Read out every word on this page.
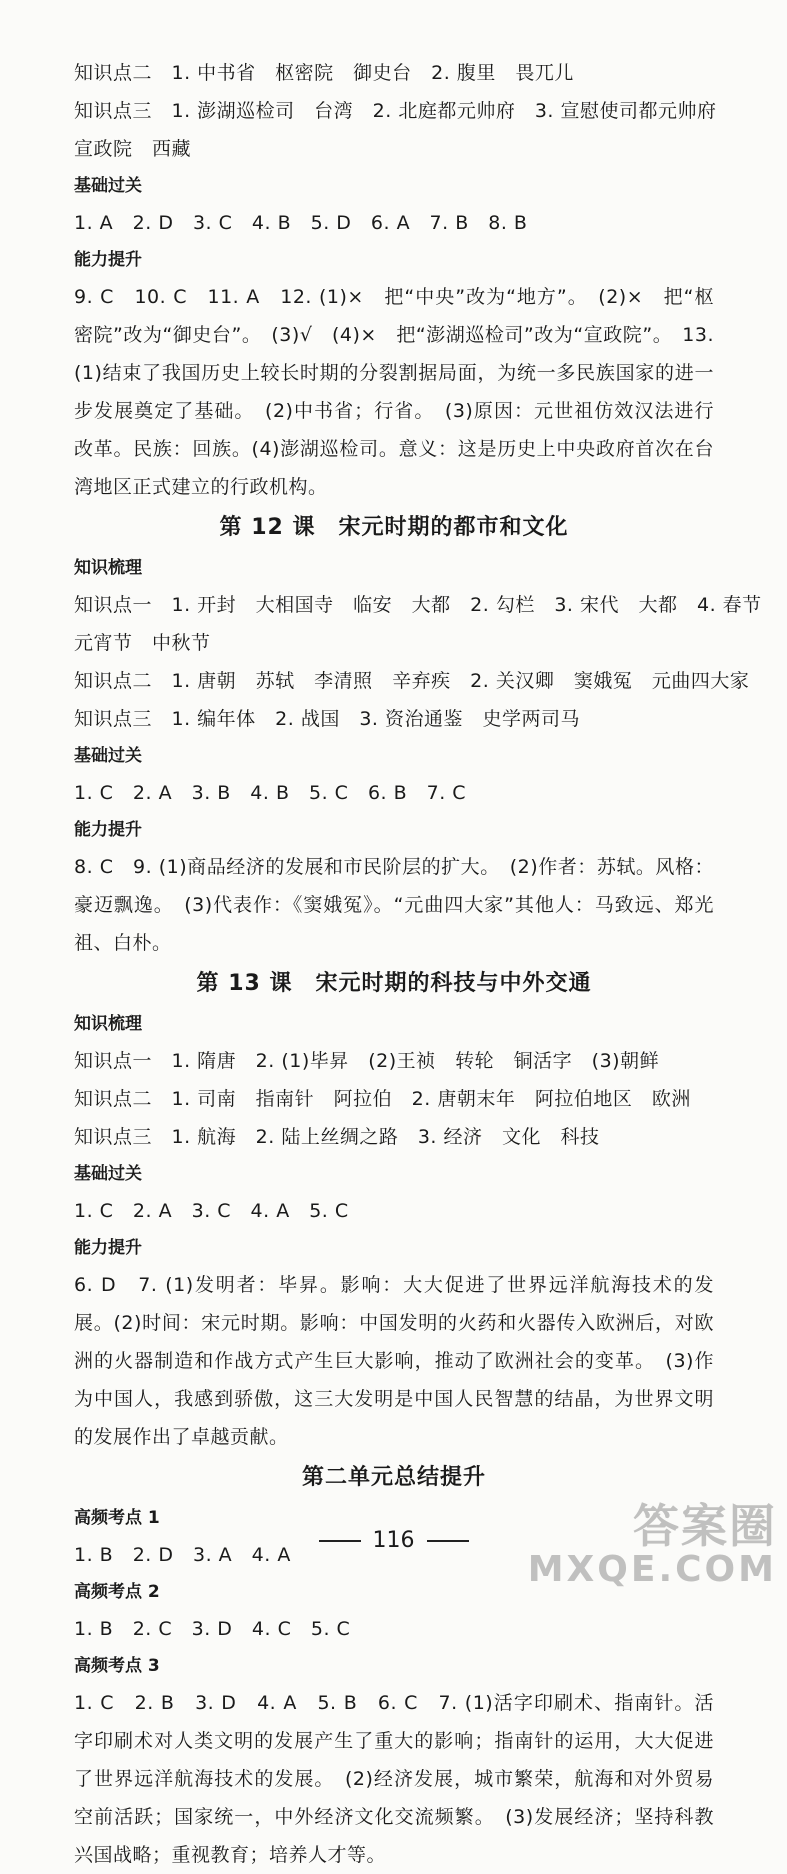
知识点二　1. 中书省　枢密院　御史台　2. 腹里　畏兀儿
知识点三　1. 澎湖巡检司　台湾　2. 北庭都元帅府　3. 宣慰使司都元帅府
宣政院　西藏
基础过关
1. A　2. D　3. C　4. B　5. D　6. A　7. B　8. B
能力提升
9. C　10. C　11. A　12. (1)×　把“中央”改为“地方”。　(2)×　把“枢密院”改为“御史台”。　(3)√　(4)×　把“澎湖巡检司”改为“宣政院”。　13. (1)结束了我国历史上较长时期的分裂割据局面，为统一多民族国家的进一步发展奠定了基础。　(2)中书省；行省。　(3)原因：元世祖仿效汉法进行改革。民族：回族。(4)澎湖巡检司。意义：这是历史上中央政府首次在台湾地区正式建立的行政机构。
第 12 课　宋元时期的都市和文化
知识梳理
知识点一　1. 开封　大相国寺　临安　大都　2. 勾栏　3. 宋代　大都　4. 春节
元宵节　中秋节
知识点二　1. 唐朝　苏轼　李清照　辛弃疾　2. 关汉卿　窦娥冤　元曲四大家
知识点三　1. 编年体　2. 战国　3. 资治通鉴　史学两司马
基础过关
1. C　2. A　3. B　4. B　5. C　6. B　7. C
能力提升
8. C　9. (1)商品经济的发展和市民阶层的扩大。　(2)作者：苏轼。风格：豪迈飘逸。　(3)代表作：《窦娥冤》。“元曲四大家”其他人：马致远、郑光祖、白朴。
第 13 课　宋元时期的科技与中外交通
知识梳理
知识点一　1. 隋唐　2. (1)毕昇　(2)王祯　转轮　铜活字　(3)朝鲜
知识点二　1. 司南　指南针　阿拉伯　2. 唐朝末年　阿拉伯地区　欧洲
知识点三　1. 航海　2. 陆上丝绸之路　3. 经济　文化　科技
基础过关
1. C　2. A　3. C　4. A　5. C
能力提升
6. D　7. (1)发明者：毕昇。影响：大大促进了世界远洋航海技术的发展。(2)时间：宋元时期。影响：中国发明的火药和火器传入欧洲后，对欧洲的火器制造和作战方式产生巨大影响，推动了欧洲社会的变革。　(3)作为中国人，我感到骄傲，这三大发明是中国人民智慧的结晶，为世界文明的发展作出了卓越贡献。
第二单元总结提升
高频考点 1
1. B　2. D　3. A　4. A
高频考点 2
1. B　2. C　3. D　4. C　5. C
高频考点 3
1. C　2. B　3. D　4. A　5. B　6. C　7. (1)活字印刷术、指南针。活字印刷术对人类文明的发展产生了重大的影响；指南针的运用，大大促进了世界远洋航海技术的发展。　(2)经济发展，城市繁荣，航海和对外贸易空前活跃；国家统一，中外经济文化交流频繁。　(3)发展经济；坚持科教兴国战略；重视教育；培养人才等。
116	答案圈
MXQE.COM
